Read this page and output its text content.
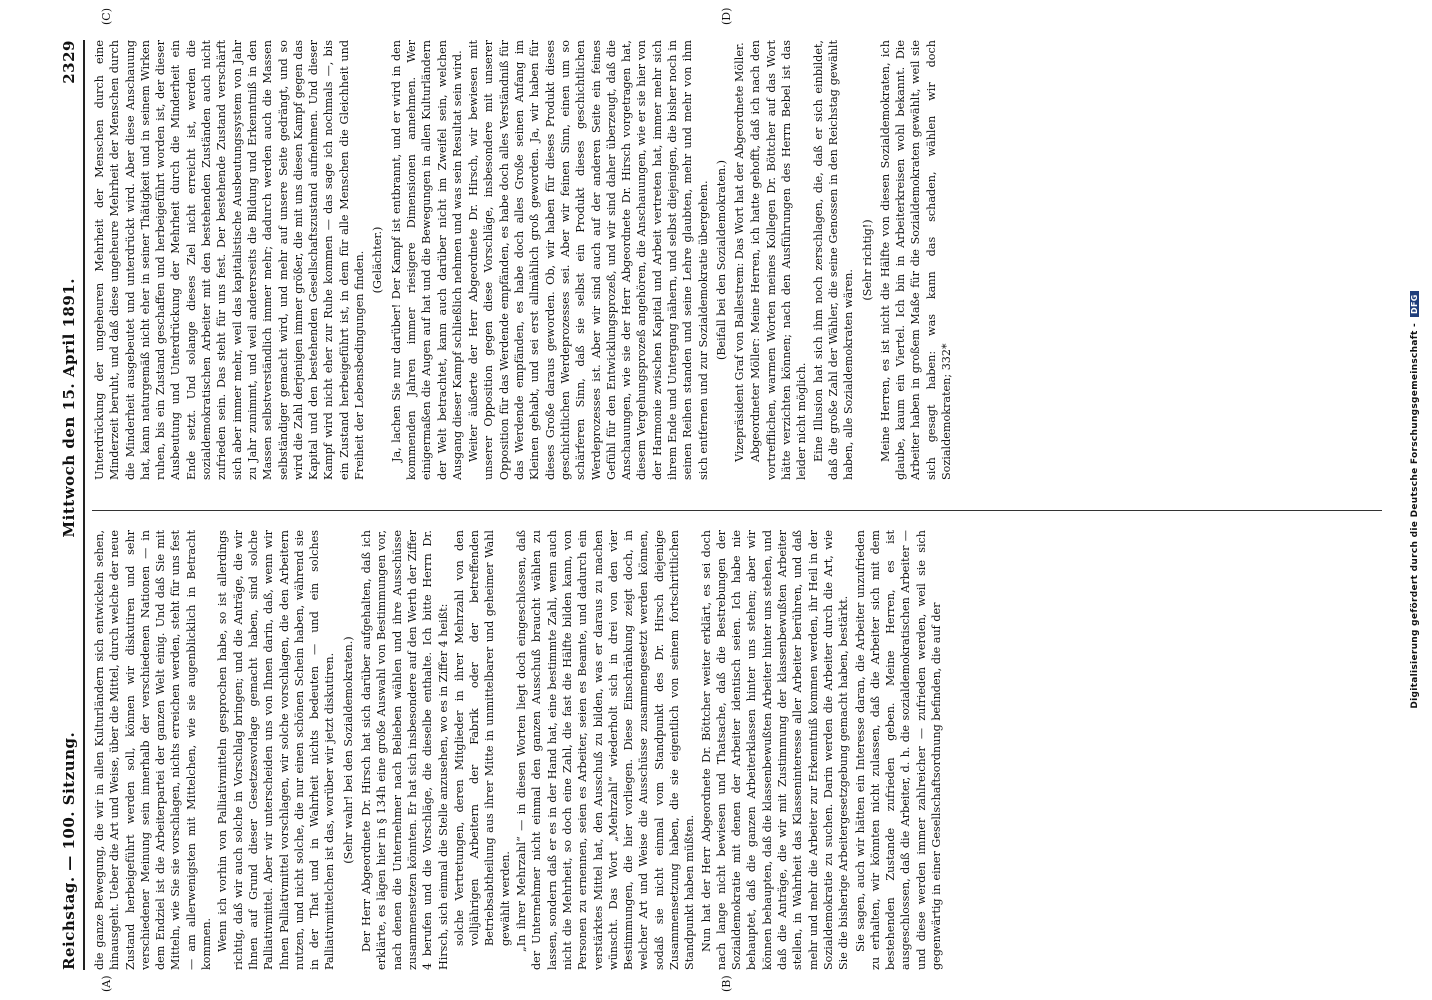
Reichstag. — 100. Sitzung.
Mittwoch den 15. April 1891.
2329
(A)	(B)
(C)	(D)

die ganze Bewegung, die wir in allen Kulturländern sich entwickeln sehen, hinausgeht. Ueber die Art und Weise, über die Mittel, durch welche der neue Zustand herbeigeführt werden soll, können wir diskutiren und sehr verschiedener Meinung sein innerhalb der verschiedenen Nationen — in dem Endziel ist die Arbeiterpartei der ganzen Welt einig. Und daß Sie mit Mitteln, wie Sie sie vorschlagen, nichts erreichen werden, steht für uns fest — am allerwenigsten mit Mittelchen, wie sie augenblicklich in Betracht kommen. Wenn ich vorhin von Palliativmitteln gesprochen habe, so ist allerdings richtig, daß wir auch solche in Vorschlag bringen; und die Anträge, die wir Ihnen auf Grund dieser Gesetzesvorlage gemacht haben, sind solche Palliativmittel. Aber wir unterscheiden uns von Ihnen darin, daß, wenn wir Ihnen Palliativmittel vorschlagen, wir solche vorschlagen, die den Arbeitern nutzen, und nicht solche, die nur einen schönen Schein haben, während sie in der That und in Wahrheit nichts bedeuten — und ein solches Palliativmittelchen ist das, worüber wir jetzt diskutiren. (Sehr wahr! bei den Sozialdemokraten.) Der Herr Abgeordnete Dr. Hirsch hat sich darüber aufgehalten, daß ich erklärte, es lägen hier in § 134h eine große Auswahl von Bestimmungen vor, nach denen die Unternehmer nach Belieben wählen und ihre Ausschüsse zusammensetzen könnten. Er hat sich insbesondere auf den Werth der Ziffer 4 berufen und die Vorschläge, die dieselbe enthalte. Ich bitte Herrn Dr. Hirsch, sich einmal die Stelle anzusehen, wo es in Ziffer 4 heißt: solche Vertretungen, deren Mitglieder in ihrer Mehrzahl von den volljährigen Arbeitern der Fabrik oder der betreffenden Betriebsabtheilung aus ihrer Mitte in unmittelbarer und geheimer Wahl gewählt werden. „In ihrer Mehrzahl“ — in diesen Worten liegt doch eingeschlossen, daß der Unternehmer nicht einmal den ganzen Ausschuß braucht wählen zu lassen, sondern daß er es in der Hand hat, eine bestimmte Zahl, wenn auch nicht die Mehrheit, so doch eine Zahl, die fast die Hälfte bilden kann, von Personen zu ernennen, seien es Arbeiter, seien es Beamte, und dadurch ein verstärktes Mittel hat, den Ausschuß zu bilden, was er daraus zu machen wünscht. Das Wort „Mehrzahl“ wiederholt sich in drei von den vier Bestimmungen, die hier vorliegen. Diese Einschränkung zeigt doch, in welcher Art und Weise die Ausschüsse zusammengesetzt werden können, sodaß sie nicht einmal vom Standpunkt des Dr. Hirsch diejenige Zusammensetzung haben, die sie eigentlich von seinem fortschrittlichen Standpunkt haben müßten. Nun hat der Herr Abgeordnete Dr. Böttcher weiter erklärt, es sei doch nach lange nicht bewiesen und Thatsache, daß die Bestrebungen der Sozialdemokratie mit denen der Arbeiter identisch seien. Ich habe nie behauptet, daß die ganzen Arbeiterklassen hinter uns stehen; aber wir können behaupten, daß die klassenbewußten Arbeiter hinter uns stehen, und daß die Anträge, die wir mit Zustimmung der klassenbewußten Arbeiter stellen, in Wahrheit das Klasseninteresse aller Arbeiter berühren, und daß mehr und mehr die Arbeiter zur Erkenntniß kommen werden, ihr Heil in der Sozialdemokratie zu suchen. Darin werden die Arbeiter durch die Art, wie Sie die bisherige Arbeitergesetzgebung gemacht haben, bestärkt. Sie sagen, auch wir hätten ein Interesse daran, die Arbeiter unzufrieden zu erhalten, wir könnten nicht zulassen, daß die Arbeiter sich mit dem bestehenden Zustande zufrieden geben. Meine Herren, es ist ausgeschlossen, daß die Arbeiter, d. h. die sozialdemokratischen Arbeiter — und diese werden immer zahlreicher — zufrieden werden, weil sie sich gegenwärtig in einer Gesellschaftsordnung befinden, die auf der

Unterdrückung der ungeheuren Mehrheit der Menschen durch eine Minderzeit beruht, und daß diese ungeheure Mehrheit der Menschen durch die Minderheit ausgebeutet und unterdrückt wird. Aber diese Anschauung hat, kann naturgemäß nicht eher in seiner Thätigkeit und in seinem Wirken ruhen, bis ein Zustand geschaffen und herbeigeführt worden ist, der dieser Ausbeutung und Unterdrückung der Mehrheit durch die Minderheit ein Ende setzt. Und solange dieses Ziel nicht erreicht ist, werden die sozialdemokratischen Arbeiter mit den bestehenden Zuständen auch nicht zufrieden sein. Das steht für uns fest. Der bestehende Zustand verschärft sich aber immer mehr, weil das kapitalistische Ausbeutungssystem von Jahr zu Jahr zunimmt, und weil andererseits die Bildung und Erkenntniß in den Massen selbstverständlich immer mehr; dadurch werden auch die Massen selbständiger gemacht wird, und mehr auf unsere Seite gedrängt, und so wird die Zahl derjenigen immer größer, die mit uns diesen Kampf gegen das Kapital und den bestehenden Gesellschaftszustand aufnehmen. Und dieser Kampf wird nicht eher zur Ruhe kommen — das sage ich nochmals —, bis ein Zustand herbeigeführt ist, in dem für alle Menschen die Gleichheit und Freiheit der Lebensbedingungen finden. (Gelächter.) Ja, lachen Sie nur darüber! Der Kampf ist entbrannt, und er wird in den kommenden Jahren immer riesigere Dimensionen annehmen. Wer einigermaßen die Augen auf hat und die Bewegungen in allen Kulturländern der Welt betrachtet, kann auch darüber nicht im Zweifel sein, welchen Ausgang dieser Kampf schließlich nehmen und was sein Resultat sein wird. Weiter äußerte der Herr Abgeordnete Dr. Hirsch, wir bewiesen mit unserer Opposition gegen diese Vorschläge, insbesondere mit unserer Opposition für das Werdende empfänden, es habe doch alles Verständniß für das Werdende empfänden, es habe doch alles Große seinen Anfang im Kleinen gehabt, und sei erst allmählich groß geworden. Ja, wir haben für dieses Große daraus geworden. Ob, wir haben für dieses Produkt dieses geschichtlichen Werdeprozesses sei. Aber wir feinen Sinn, einen um so schärferen Sinn, daß sie selbst ein Produkt dieses geschichtlichen Werdeprozesses ist. Aber wir sind auch auf der anderen Seite ein feines Gefühl für den Entwicklungsprozeß, und wir sind daher überzeugt, daß die Anschauungen, wie sie der Herr Abgeordnete Dr. Hirsch vorgetragen hat, diesem Vergehungsprozeß angehören, die Anschauungen, wie er sie hier von der Harmonie zwischen Kapital und Arbeit vertreten hat, immer mehr sich ihrem Ende und Untergang nähern, und selbst diejenigen, die bisher noch in seinen Reihen standen und seine Lehre glaubten, mehr und mehr von ihm sich entfernen und zur Sozialdemokratie übergehen. (Beifall bei den Sozialdemokraten.) Vizepräsident Graf von Ballestrem: Das Wort hat der Abgeordnete Möller. Abgeordneter Möller: Meine Herren, ich hatte gehofft, daß ich nach den vortrefflichen, warmen Worten meines Kollegen Dr. Böttcher auf das Wort hätte verzichten können; nach den Ausführungen des Herrn Bebel ist das leider nicht möglich. Eine Illusion hat sich ihm noch zerschlagen, die, daß er sich einbildet, daß die große Zahl der Wähler, die seine Genossen in den Reichstag gewählt haben, alle Sozialdemokraten wären.

(Sehr richtig!) Meine Herren, es ist nicht die Hälfte von diesen Sozialdemokraten, ich glaube, kaum ein Viertel. Ich bin in Arbeiterkreisen wohl bekannt. Die Arbeiter haben in großem Maße für die Sozialdemokraten gewählt, weil sie sich gesagt haben: was kann das schaden, wählen wir doch Sozialdemokraten; 332*	Digitalisierung gefördert durch die Deutsche Forschungsgemeinschaft -DFG
